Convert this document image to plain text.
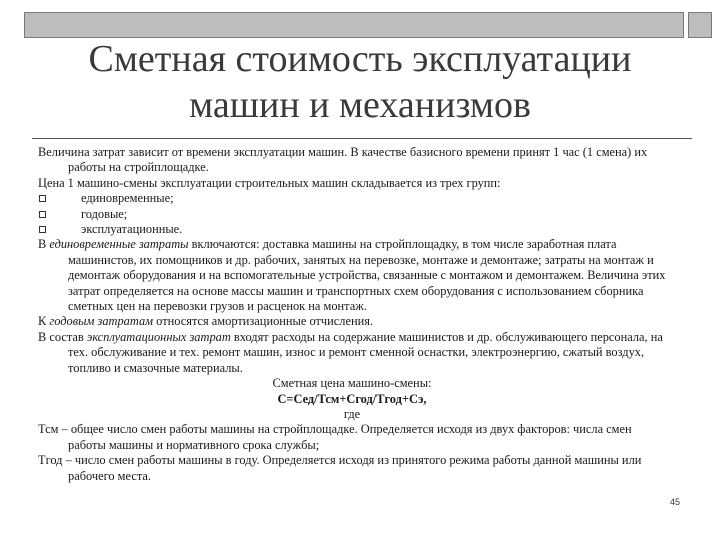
Сметная стоимость эксплуатации
машин и механизмов

Величина затрат зависит от времени эксплуатации машин. В качестве базисного времени принят 1 час (1 смена) их работы на стройплощадке.

Цена 1 машино-смены эксплуатации строительных машин складывается из трех групп:

единовременные;

годовые;

эксплуатационные.

В единовременные затраты включаются: доставка машины на стройплощадку, в том числе заработная плата машинистов, их помощников и др. рабочих, занятых на перевозке, монтаже и демонтаже; затраты на монтаж и демонтаж оборудования и на вспомогательные устройства, связанные с монтажом и демонтажем. Величина этих затрат определяется на основе массы машин и транспортных схем оборудования с использованием сборника сметных цен на перевозки грузов и расценок на монтаж.

К годовым затратам относятся амортизационные отчисления.

В состав эксплуатационных затрат входят расходы на содержание машинистов и др. обслуживающего персонала, на тех. обслуживание и тех. ремонт машин, износ и ремонт сменной оснастки, электроэнергию, сжатый воздух, топливо и смазочные материалы.

Сметная цена машино-смены:

С=Сед/Тсм+Сгод/Тгод+Сэ,

где

Тсм – общее число смен работы машины на стройплощадке. Определяется исходя из двух факторов: числа смен работы машины и нормативного срока службы;

Тгод – число смен работы машины в году. Определяется исходя из принятого режима работы данной машины или рабочего места.

45
